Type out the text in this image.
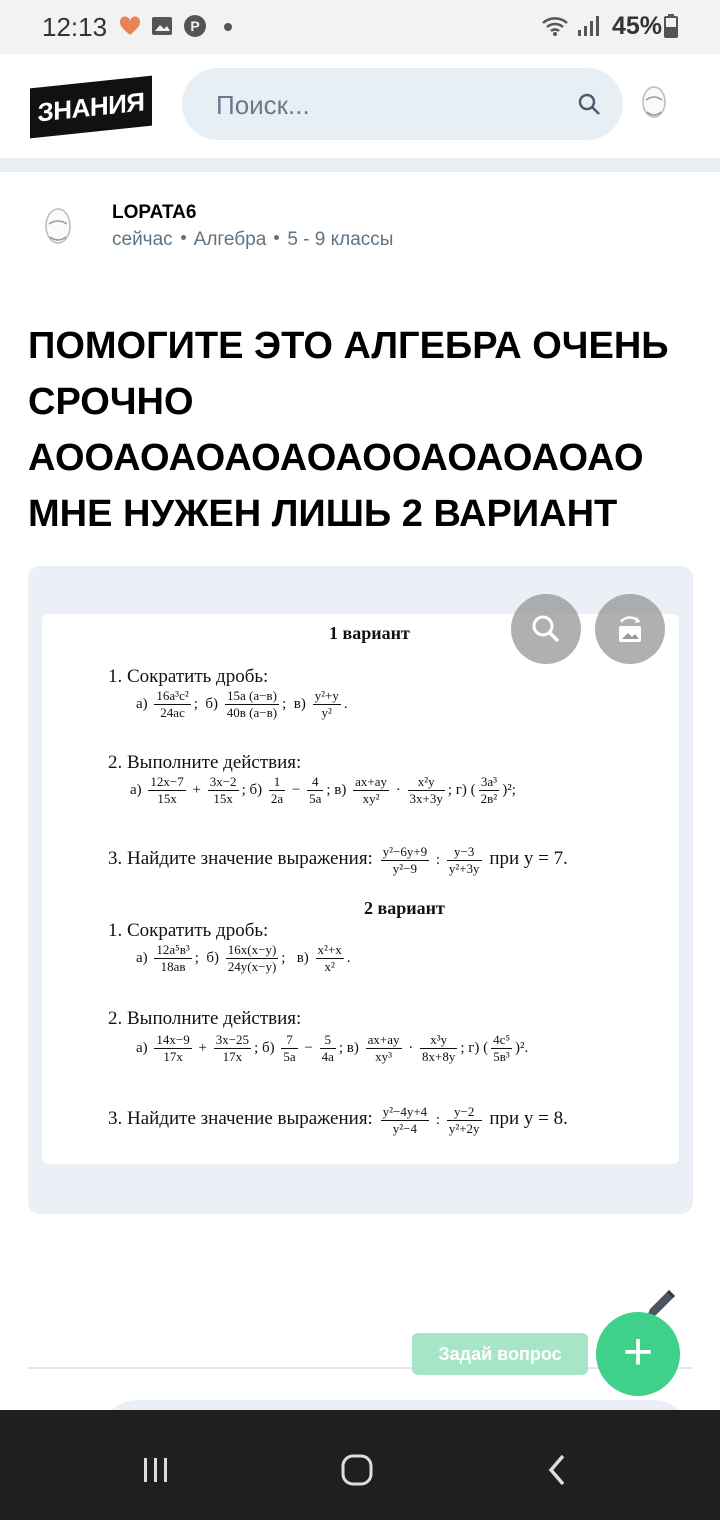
12:13	P	45%
ЗНАНИЯ
Поиск...
LOPATA6
сейчас Алгебра 5 - 9 классы
ПОМОГИТЕ ЭТО АЛГЕБРА ОЧЕНЬ СРОЧНО АООАОАОАОАОАООАОАОАОАО МНЕ НУЖЕН ЛИШЬ 2 ВАРИАНТ
1 вариант
1. Сократить дробь:
$а) \frac{\text{16a³c²}}{24ac}$ ;  $б) \frac{15a (a-в)}{40в (a-в)}$ ;  $в) \frac{\text{y²+y}}{\text{y²}}$ .
2. Выполните действия:
$а) \frac{12x-7}{15x} + \frac{3x-2}{15x}$ ; $б) \frac{1}{2a} - \frac{4}{5a}$ ; $в) \frac{ax+ay}{\text{xy²}} \cdot \frac{\text{x²y}}{3x+3y}$ ; г) ( $\frac{\text{3a³}}{\text{2в²}} )^2$;
3. Найдите значение выражения: $\frac{\text{y²−6y+9}}{\text{y²−9}}$ : $\frac{y-3}{\text{y²+3y}}$ при y = 7.
2 вариант
1. Сократить дробь:
$а) \frac{\text{12a⁵в³}}{18ав}$ ;  $б) \frac{16x(x-y)}{24y(x-y)}$ ;   $в) \frac{\text{x²+x}}{\text{x²}}$ .
2. Выполните действия:
$а) \frac{14x-9}{17x} + \frac{3x-25}{17x}$ ; $б) \frac{7}{5a} - \frac{5}{4a}$ ; $в) \frac{ax+ay}{\text{xy³}} \cdot \frac{\text{x³y}}{8x+8y}$ ; г) ( $\frac{\text{4c⁵}}{\text{5в³}} )^2$.
3. Найдите значение выражения: $\frac{\text{y²−4y+4}}{\text{y²−4}}$ : $\frac{y-2}{\text{y²+2y}}$ при y = 8.
Задай вопрос	+
